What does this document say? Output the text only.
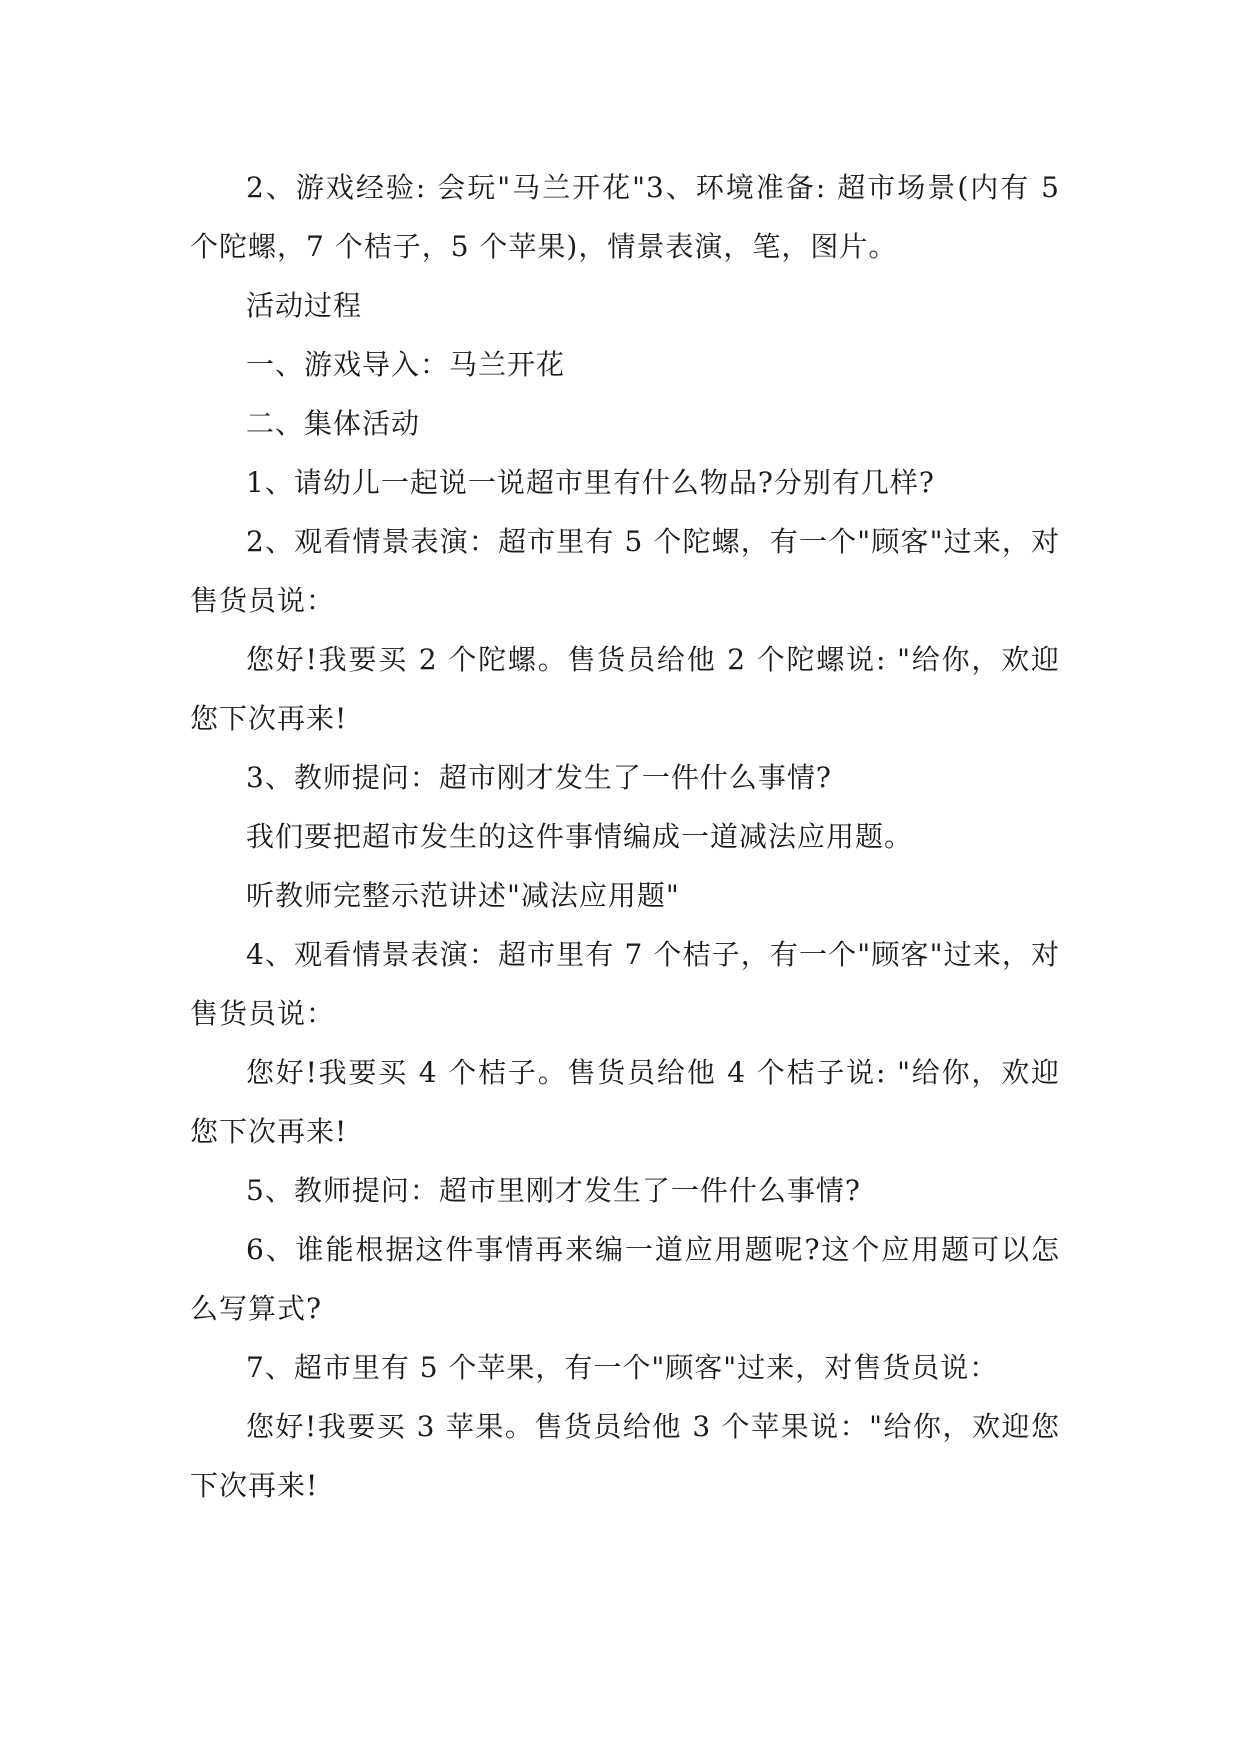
2、游戏经验: 会玩"马兰开花"3、环境准备: 超市场景(内有 5 个陀螺，7 个桔子，5 个苹果)，情景表演，笔，图片。

活动过程

一、游戏导入：马兰开花

二、集体活动

1、请幼儿一起说一说超市里有什么物品?分别有几样?

2、观看情景表演：超市里有 5 个陀螺，有一个"顾客"过来，对售货员说：

您好!我要买 2 个陀螺。售货员给他 2 个陀螺说: "给你，欢迎您下次再来!

3、教师提问：超市刚才发生了一件什么事情?

我们要把超市发生的这件事情编成一道减法应用题。

听教师完整示范讲述"减法应用题"

4、观看情景表演：超市里有 7 个桔子，有一个"顾客"过来，对售货员说：

您好!我要买 4 个桔子。售货员给他 4 个桔子说: "给你，欢迎您下次再来!

5、教师提问：超市里刚才发生了一件什么事情?

6、谁能根据这件事情再来编一道应用题呢?这个应用题可以怎么写算式?

7、超市里有 5 个苹果，有一个"顾客"过来，对售货员说：

您好!我要买 3 苹果。售货员给他 3 个苹果说："给你，欢迎您下次再来!
